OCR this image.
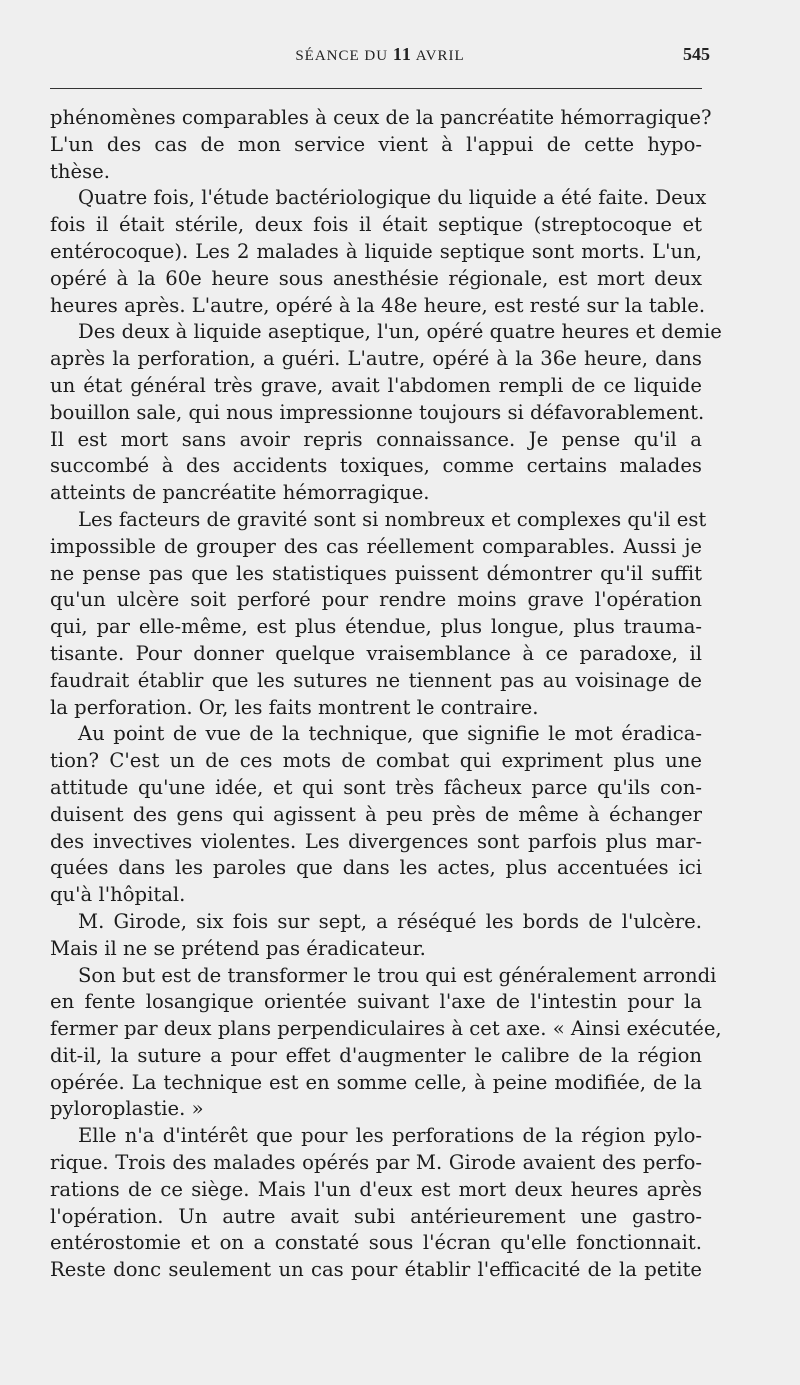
SÉANCE DU 11 AVRIL	545
phénomènes comparables à ceux de la pancréatite hémorragique?
L'un des cas de mon service vient à l'appui de cette hypo-
thèse.
Quatre fois, l'étude bactériologique du liquide a été faite. Deux
fois il était stérile, deux fois il était septique (streptocoque et
entérocoque). Les 2 malades à liquide septique sont morts. L'un,
opéré à la 60e heure sous anesthésie régionale, est mort deux
heures après. L'autre, opéré à la 48e heure, est resté sur la table.
Des deux à liquide aseptique, l'un, opéré quatre heures et demie
après la perforation, a guéri. L'autre, opéré à la 36e heure, dans
un état général très grave, avait l'abdomen rempli de ce liquide
bouillon sale, qui nous impressionne toujours si défavorablement.
Il est mort sans avoir repris connaissance. Je pense qu'il a
succombé à des accidents toxiques, comme certains malades
atteints de pancréatite hémorragique.
Les facteurs de gravité sont si nombreux et complexes qu'il est
impossible de grouper des cas réellement comparables. Aussi je
ne pense pas que les statistiques puissent démontrer qu'il suffit
qu'un ulcère soit perforé pour rendre moins grave l'opération
qui, par elle-même, est plus étendue, plus longue, plus trauma-
tisante. Pour donner quelque vraisemblance à ce paradoxe, il
faudrait établir que les sutures ne tiennent pas au voisinage de
la perforation. Or, les faits montrent le contraire.
Au point de vue de la technique, que signifie le mot éradica-
tion? C'est un de ces mots de combat qui expriment plus une
attitude qu'une idée, et qui sont très fâcheux parce qu'ils con-
duisent des gens qui agissent à peu près de même à échanger
des invectives violentes. Les divergences sont parfois plus mar-
quées dans les paroles que dans les actes, plus accentuées ici
qu'à l'hôpital.
M. Girode, six fois sur sept, a réséqué les bords de l'ulcère.
Mais il ne se prétend pas éradicateur.
Son but est de transformer le trou qui est généralement arrondi
en fente losangique orientée suivant l'axe de l'intestin pour la
fermer par deux plans perpendiculaires à cet axe. « Ainsi exécutée,
dit-il, la suture a pour effet d'augmenter le calibre de la région
opérée. La technique est en somme celle, à peine modifiée, de la
pyloroplastie. »
Elle n'a d'intérêt que pour les perforations de la région pylo-
rique. Trois des malades opérés par M. Girode avaient des perfo-
rations de ce siège. Mais l'un d'eux est mort deux heures après
l'opération. Un autre avait subi antérieurement une gastro-
entérostomie et on a constaté sous l'écran qu'elle fonctionnait.
Reste donc seulement un cas pour établir l'efficacité de la petite
